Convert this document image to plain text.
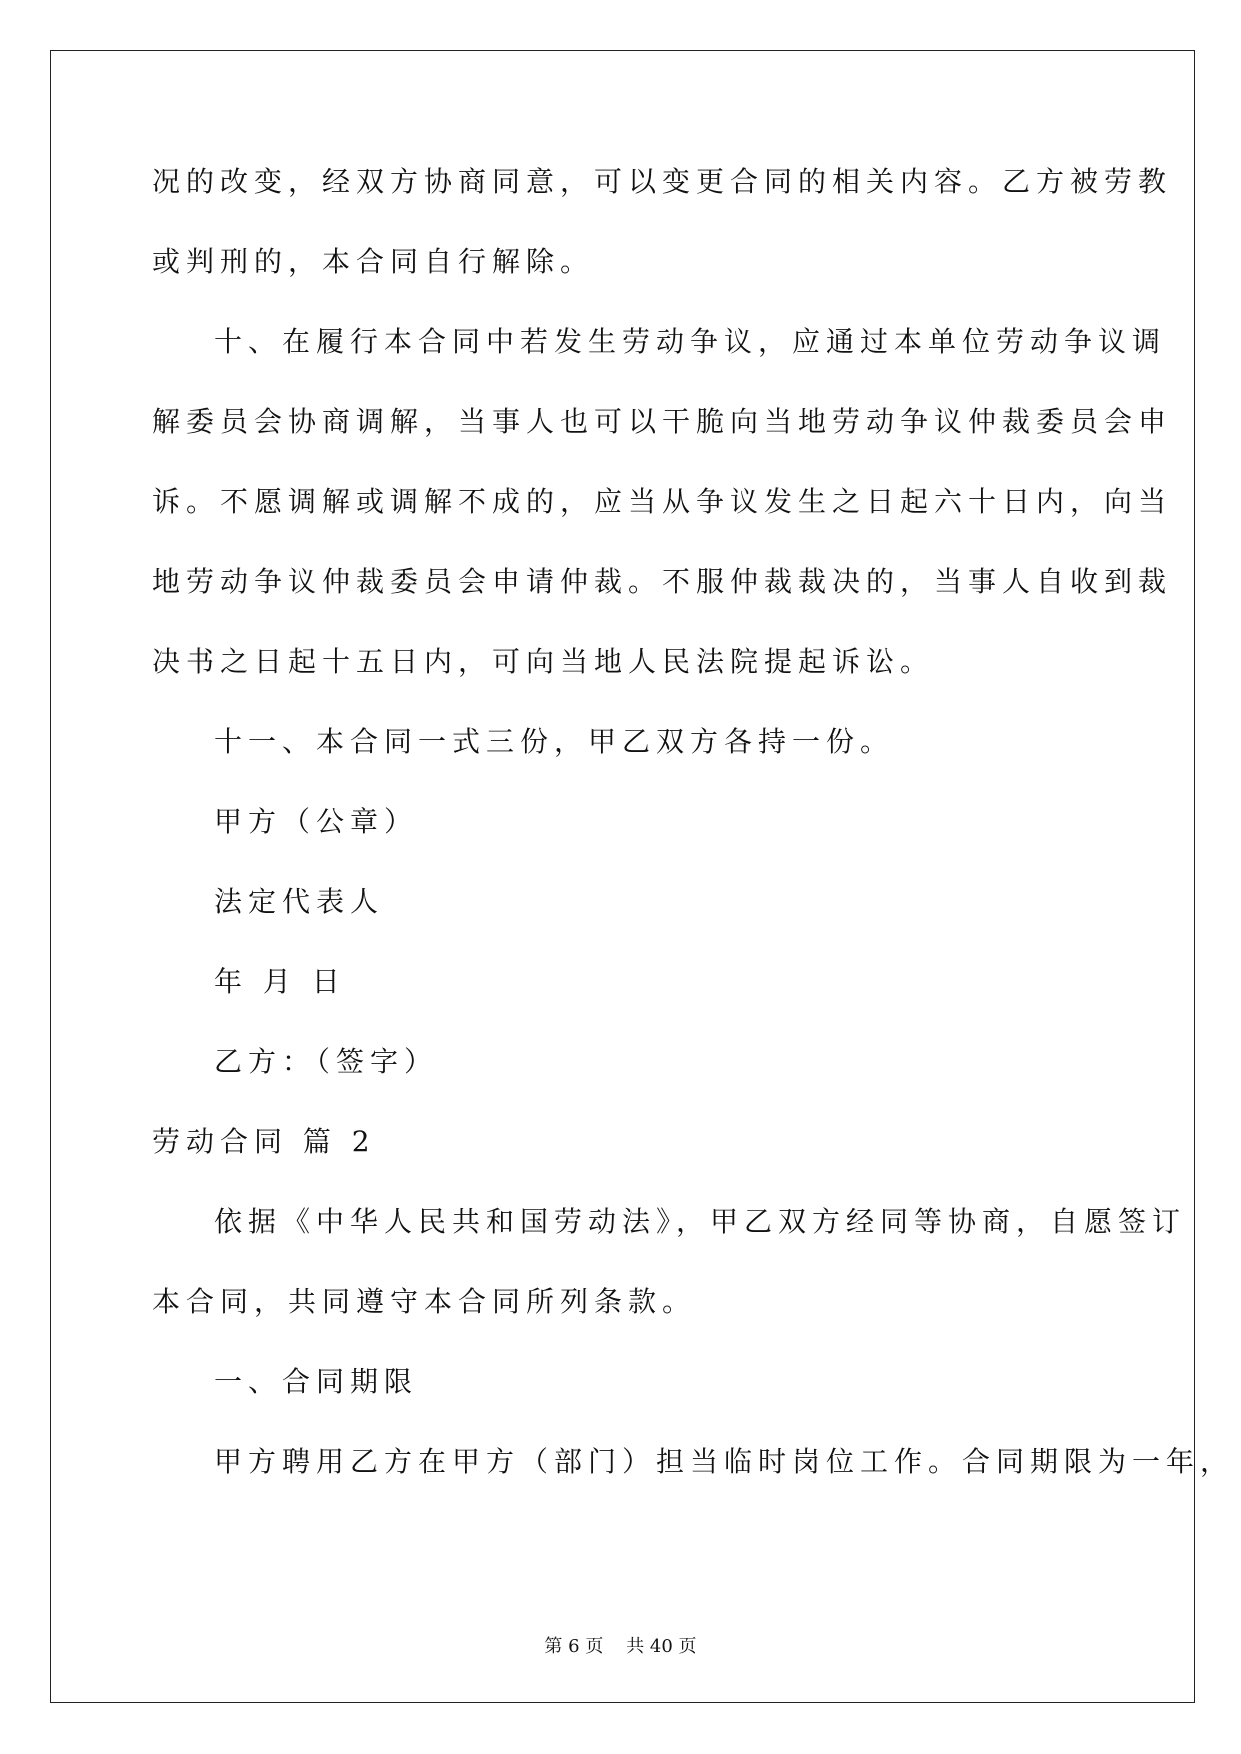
况的改变，经双方协商同意，可以变更合同的相关内容。乙方被劳教
或判刑的，本合同自行解除。
十、在履行本合同中若发生劳动争议，应通过本单位劳动争议调
解委员会协商调解，当事人也可以干脆向当地劳动争议仲裁委员会申
诉。不愿调解或调解不成的，应当从争议发生之日起六十日内，向当
地劳动争议仲裁委员会申请仲裁。不服仲裁裁决的，当事人自收到裁
决书之日起十五日内，可向当地人民法院提起诉讼。
十一、本合同一式三份，甲乙双方各持一份。
甲方（公章）
法定代表人
年 月 日
乙方：（签字）
劳动合同 篇 2
依据《中华人民共和国劳动法》，甲乙双方经同等协商，自愿签订
本合同，共同遵守本合同所列条款。
一、合同期限
甲方聘用乙方在甲方（部门）担当临时岗位工作。合同期限为一年，
第 6 页    共 40 页
